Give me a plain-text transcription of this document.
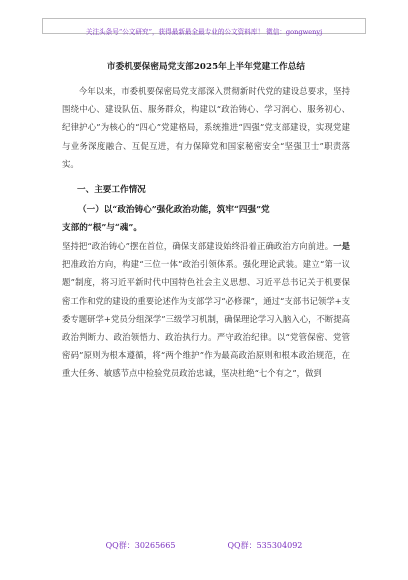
关注头条号“公文研究”，获得最新最全最专业的公文资料库！ 微信：gongwenyj
市委机要保密局党支部2025年上半年党建工作总结

今年以来，市委机要保密局党支部深入贯彻新时代党的建设总要求，坚持围绕中心、建设队伍、服务群众，构建以“政治铸心、学习润心、服务初心、纪律护心”为核心的“四心”党建格局，系统推进“四强”党支部建设，实现党建与业务深度融合、互促互进，有力保障党和国家秘密安全“坚强卫士”职责落实。

一、主要工作情况
（一）以“政治铸心”强化政治功能，筑牢“四强”党
支部的“根”与“魂”。

坚持把“政治铸心”摆在首位，确保支部建设始终沿着正确政治方向前进。一是把准政治方向，构建“三位一体”政治引领体系。强化理论武装。建立“第一议题”制度，将习近平新时代中国特色社会主义思想、习近平总书记关于机要保密工作和党的建设的重要论述作为支部学习“必修课”，通过“支部书记领学+支委专题研学+党员分组深学”三级学习机制，确保理论学习入脑入心，不断提高政治判断力、政治领悟力、政治执行力。严守政治纪律。以“党管保密、党管密码”原则为根本遵循，将“两个维护”作为最高政治原则和根本政治规范，在重大任务、敏感节点中检验党员政治忠诚，坚决杜绝“七个有之”，做到

QQ群：30265665	QQ群：535304092
